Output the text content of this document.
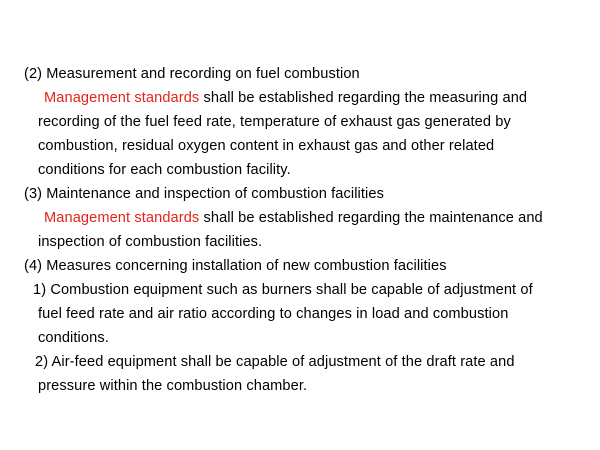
(2) Measurement and recording on fuel combustion
Management standards shall be established regarding the measuring and
recording of the fuel feed rate, temperature of exhaust gas generated by
combustion, residual oxygen content in exhaust gas and other related
conditions for each combustion facility.
(3) Maintenance and inspection of combustion facilities
Management standards shall be established regarding the maintenance and
inspection of combustion facilities.
(4) Measures concerning installation of new combustion facilities
1) Combustion equipment such as burners shall be capable of adjustment of
fuel feed rate and air ratio according to changes in load and combustion
conditions.
2) Air-feed equipment shall be capable of adjustment of the draft rate and
pressure within the combustion chamber.
